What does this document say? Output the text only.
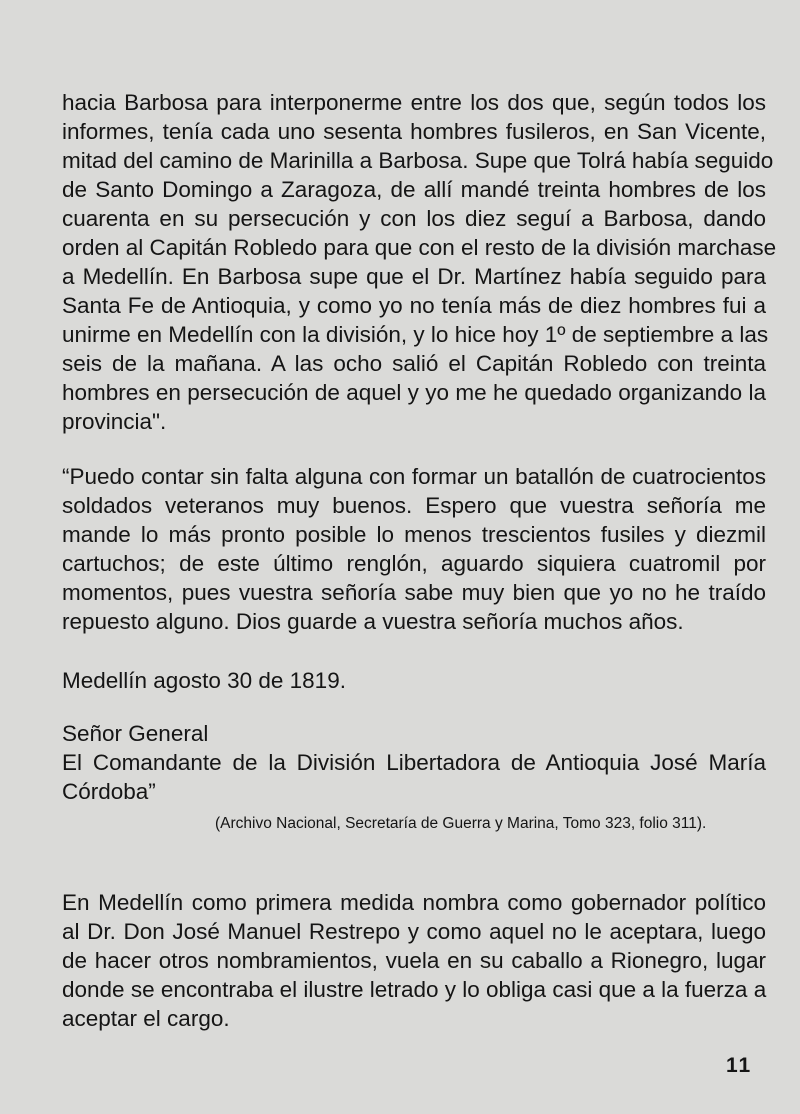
hacia Barbosa para interponerme entre los dos que, según todos los
informes, tenía cada uno sesenta hombres fusileros, en San Vicente,
mitad del camino de Marinilla a Barbosa. Supe que Tolrá había seguido
de Santo Domingo a Zaragoza, de allí mandé treinta hombres de los
cuarenta en su persecución y con los diez seguí a Barbosa, dando
orden al Capitán Robledo para que con el resto de la división marchase
a Medellín. En Barbosa supe que el Dr. Martínez había seguido para
Santa Fe de Antioquia, y como yo no tenía más de diez hombres fui a
unirme en Medellín con la división, y lo hice hoy 1º de septiembre a las
seis de la mañana. A las ocho salió el Capitán Robledo con treinta
hombres en persecución de aquel y yo me he quedado organizando la
provincia".

“Puedo contar sin falta alguna con formar un batallón de cuatrocientos
soldados veteranos muy buenos. Espero que vuestra señoría me
mande lo más pronto posible lo menos trescientos fusiles y diezmil
cartuchos; de este último renglón, aguardo siquiera cuatromil por
momentos, pues vuestra señoría sabe muy bien que yo no he traído
repuesto alguno. Dios guarde a vuestra señoría muchos años.

Medellín agosto 30 de 1819.

Señor General
El Comandante de la División Libertadora de Antioquia José María
Córdoba”

(Archivo Nacional, Secretaría de Guerra y Marina, Tomo 323, folio 311).

En Medellín como primera medida nombra como gobernador político
al Dr. Don José Manuel Restrepo y como aquel no le aceptara, luego
de hacer otros nombramientos, vuela en su caballo a Rionegro, lugar
donde se encontraba el ilustre letrado y lo obliga casi que a la fuerza a
aceptar el cargo.

11
